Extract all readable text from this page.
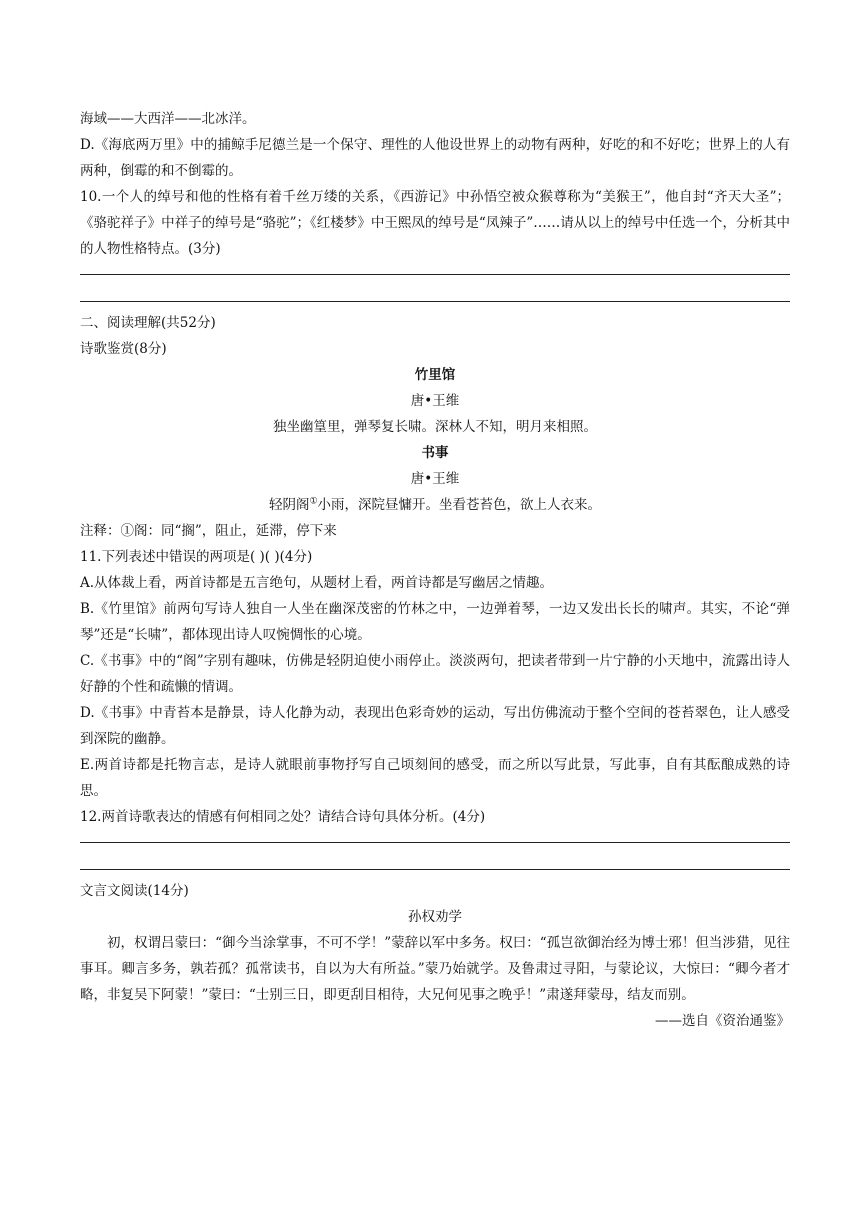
海域——大西洋——北冰洋。
D.《海底两万里》中的捕鲸手尼德兰是一个保守、理性的人他设世界上的动物有两种，好吃的和不好吃；世界上的人有两种，倒霉的和不倒霉的。
10.一个人的绰号和他的性格有着千丝万缕的关系，《西游记》中孙悟空被众猴尊称为“美猴王”，他自封“齐天大圣”；《骆驼祥子》中祥子的绰号是“骆驼”；《红楼梦》中王熙凤的绰号是“凤辣子”……请从以上的绰号中任选一个，分析其中的人物性格特点。(3分)
二、阅读理解(共52分)
诗歌鉴赏(8分)
竹里馆
唐•王维
独坐幽篁里，弹琴复长啸。深林人不知，明月来相照。
书事
唐•王维
轻阴阁①小雨，深院昼慵开。坐看苍苔色，欲上人衣来。
注释：①阁：同“搁”，阻止，延滞，停下来
11.下列表述中错误的两项是( )( )(4分)
A.从体裁上看，两首诗都是五言绝句，从题材上看，两首诗都是写幽居之情趣。
B.《竹里馆》前两句写诗人独自一人坐在幽深茂密的竹林之中，一边弹着琴，一边又发出长长的啸声。其实，不论“弹琴”还是“长啸”，都体现出诗人叹惋惆怅的心境。
C.《书事》中的“阁”字别有趣味，仿佛是轻阴迫使小雨停止。淡淡两句，把读者带到一片宁静的小天地中，流露出诗人好静的个性和疏懒的情调。
D.《书事》中青苔本是静景，诗人化静为动，表现出色彩奇妙的运动，写出仿佛流动于整个空间的苍苔翠色，让人感受到深院的幽静。
E.两首诗都是托物言志，是诗人就眼前事物抒写自己顷刻间的感受，而之所以写此景，写此事，自有其酝酿成熟的诗思。
12.两首诗歌表达的情感有何相同之处？请结合诗句具体分析。(4分)
文言文阅读(14分)
孙权劝学
初，权谓吕蒙曰：“御今当涂掌事，不可不学！”蒙辞以军中多务。权曰：“孤岂欲御治经为博士邪！但当涉猎，见往事耳。卿言多务，孰若孤？孤常读书，自以为大有所益。”蒙乃始就学。及鲁肃过寻阳，与蒙论议，大惊曰：“卿今者才略，非复吴下阿蒙！”蒙曰：“士别三日，即更刮目相待，大兄何见事之晚乎！”肃遂拜蒙母，结友而别。
——选自《资治通鉴》
